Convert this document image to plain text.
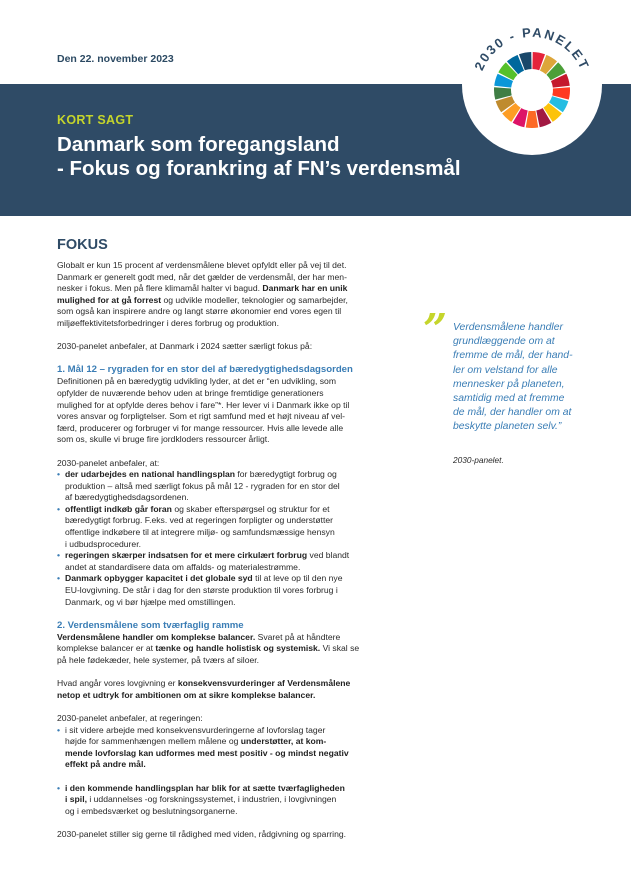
Den 22. november 2023
KORT SAGT
Danmark som foregangsland
- Fokus og forankring af FN’s verdensmål
2030 - PANELET

FOKUS

Globalt er kun 15 procent af verdensmålene blevet opfyldt eller på vej til det.

Danmark er generelt godt med, når det gælder de verdensmål, der har men-

nesker i fokus. Men på flere klimamål halter vi bagud. Danmark har en unik

mulighed for at gå forrest og udvikle modeller, teknologier og samarbejder,

som også kan inspirere andre og langt større økonomier end vores egen til

miljøeffektivitetsforbedringer i deres forbrug og produktion.

2030-panelet anbefaler, at Danmark i 2024 sætter særligt fokus på:

1. Mål 12 – rygraden for en stor del af bæredygtighedsdagsorden

Definitionen på en bæredygtig udvikling lyder, at det er “en udvikling, som

opfylder de nuværende behov uden at bringe fremtidige generationers

mulighed for at opfylde deres behov i fare”*. Her lever vi i Danmark ikke op til

vores ansvar og forpligtelser. Som et rigt samfund med et højt niveau af vel-

færd, producerer og forbruger vi for mange ressourcer. Hvis alle levede alle

som os, skulle vi bruge fire jordkloders ressourcer årligt.

2030-panelet anbefaler, at:

• der udarbejdes en national handlingsplan for bæredygtigt forbrug og
produktion – altså med særligt fokus på mål 12 - rygraden for en stor del
af bæredygtighedsdagsordenen.
• offentligt indkøb går foran og skaber efterspørgsel og struktur for et
bæredygtigt forbrug. F.eks. ved at regeringen forpligter og understøtter
offentlige indkøbere til at integrere miljø- og samfundsmæssige hensyn
i udbudsprocedurer.
• regeringen skærper indsatsen for et mere cirkulært forbrug ved blandt
andet at standardisere data om affalds- og materialestrømme.
• Danmark opbygger kapacitet i det globale syd til at leve op til den nye
EU-lovgivning. De står i dag for den største produktion til vores forbrug i
Danmark, og vi bør hjælpe med omstillingen.

2. Verdensmålene som tværfaglig ramme

Verdensmålene handler om komplekse balancer. Svaret på at håndtere

komplekse balancer er at tænke og handle holistisk og systemisk. Vi skal se

på hele fødekæder, hele systemer, på tværs af siloer.

Hvad angår vores lovgivning er konsekvensvurderinger af Verdensmålene

netop et udtryk for ambitionen om at sikre komplekse balancer.

2030-panelet anbefaler, at regeringen:

• i sit videre arbejde med konsekvensvurderingerne af lovforslag tager
højde for sammenhængen mellem målene og understøtter, at kom-
mende lovforslag kan udformes med mest positiv - og mindst negativ
effekt på andre mål.
• i den kommende handlingsplan har blik for at sætte tværfagligheden
i spil, i uddannelses -og forskningssystemet, i industrien, i lovgivningen
og i embedsværket og beslutningsorganerne.

2030-panelet stiller sig gerne til rådighed med viden, rådgivning og sparring.

” Verdensmålene handler
grundlæggende om at
fremme de mål, der hand-
ler om velstand for alle
mennesker på planeten,
samtidig med at fremme
de mål, der handler om at
beskytte planeten selv.”
2030-panelet.
